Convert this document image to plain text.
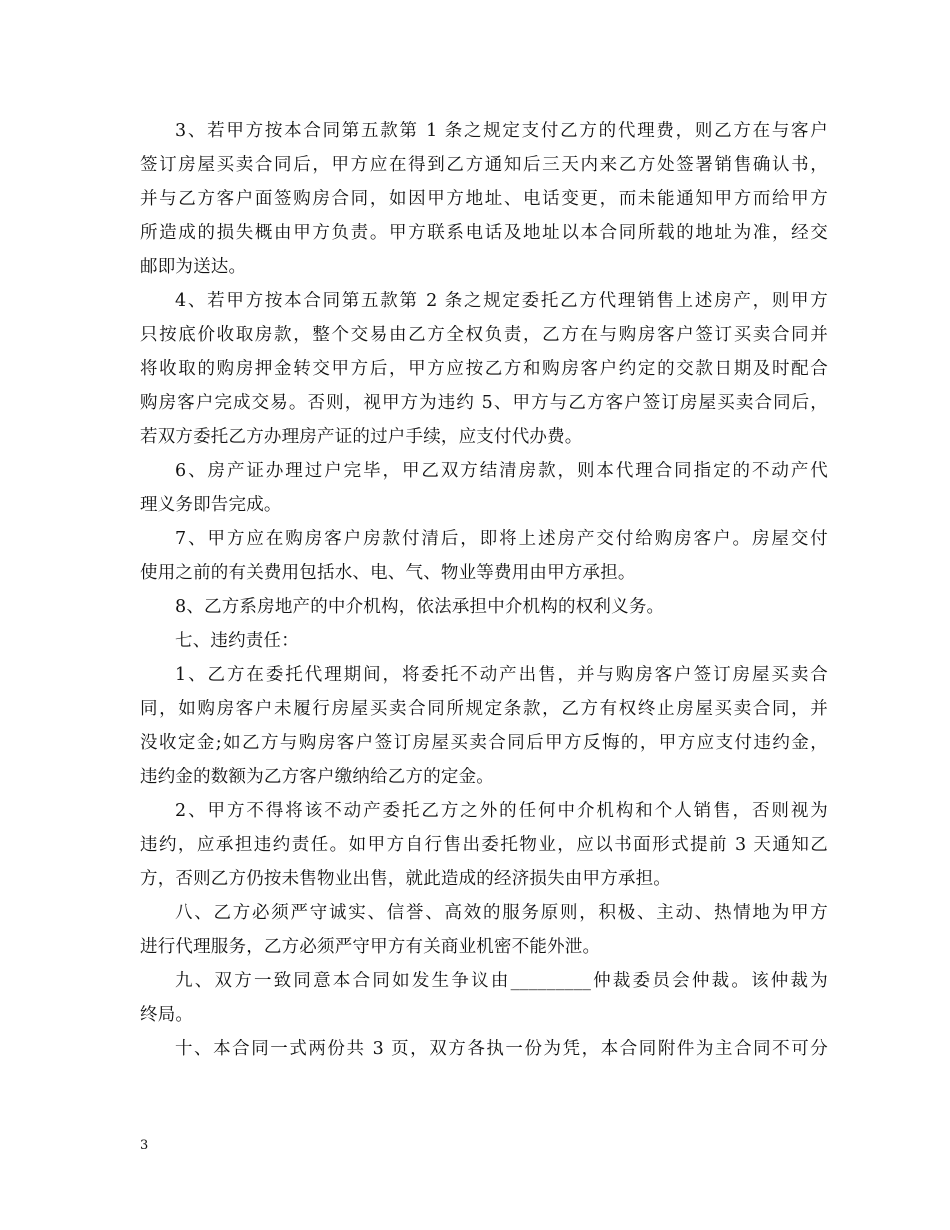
3、若甲方按本合同第五款第 1 条之规定支付乙方的代理费，则乙方在与客户
签订房屋买卖合同后，甲方应在得到乙方通知后三天内来乙方处签署销售确认书，
并与乙方客户面签购房合同，如因甲方地址、电话变更，而未能通知甲方而给甲方
所造成的损失概由甲方负责。甲方联系电话及地址以本合同所载的地址为准，经交
邮即为送达。
4、若甲方按本合同第五款第 2 条之规定委托乙方代理销售上述房产，则甲方
只按底价收取房款，整个交易由乙方全权负责，乙方在与购房客户签订买卖合同并
将收取的购房押金转交甲方后，甲方应按乙方和购房客户约定的交款日期及时配合
购房客户完成交易。否则，视甲方为违约 5、甲方与乙方客户签订房屋买卖合同后，
若双方委托乙方办理房产证的过户手续，应支付代办费。
6、房产证办理过户完毕，甲乙双方结清房款，则本代理合同指定的不动产代
理义务即告完成。
7、甲方应在购房客户房款付清后，即将上述房产交付给购房客户。房屋交付
使用之前的有关费用包括水、电、气、物业等费用由甲方承担。
8、乙方系房地产的中介机构，依法承担中介机构的权利义务。
七、违约责任：
1、乙方在委托代理期间，将委托不动产出售，并与购房客户签订房屋买卖合
同，如购房客户未履行房屋买卖合同所规定条款，乙方有权终止房屋买卖合同，并
没收定金;如乙方与购房客户签订房屋买卖合同后甲方反悔的，甲方应支付违约金，
违约金的数额为乙方客户缴纳给乙方的定金。
2、甲方不得将该不动产委托乙方之外的任何中介机构和个人销售，否则视为
违约，应承担违约责任。如甲方自行售出委托物业，应以书面形式提前 3 天通知乙
方，否则乙方仍按未售物业出售，就此造成的经济损失由甲方承担。
八、乙方必须严守诚实、信誉、高效的服务原则，积极、主动、热情地为甲方
进行代理服务，乙方必须严守甲方有关商业机密不能外泄。
九、双方一致同意本合同如发生争议由_________仲裁委员会仲裁。该仲裁为
终局。
十、本合同一式两份共 3 页，双方各执一份为凭，本合同附件为主合同不可分
3
